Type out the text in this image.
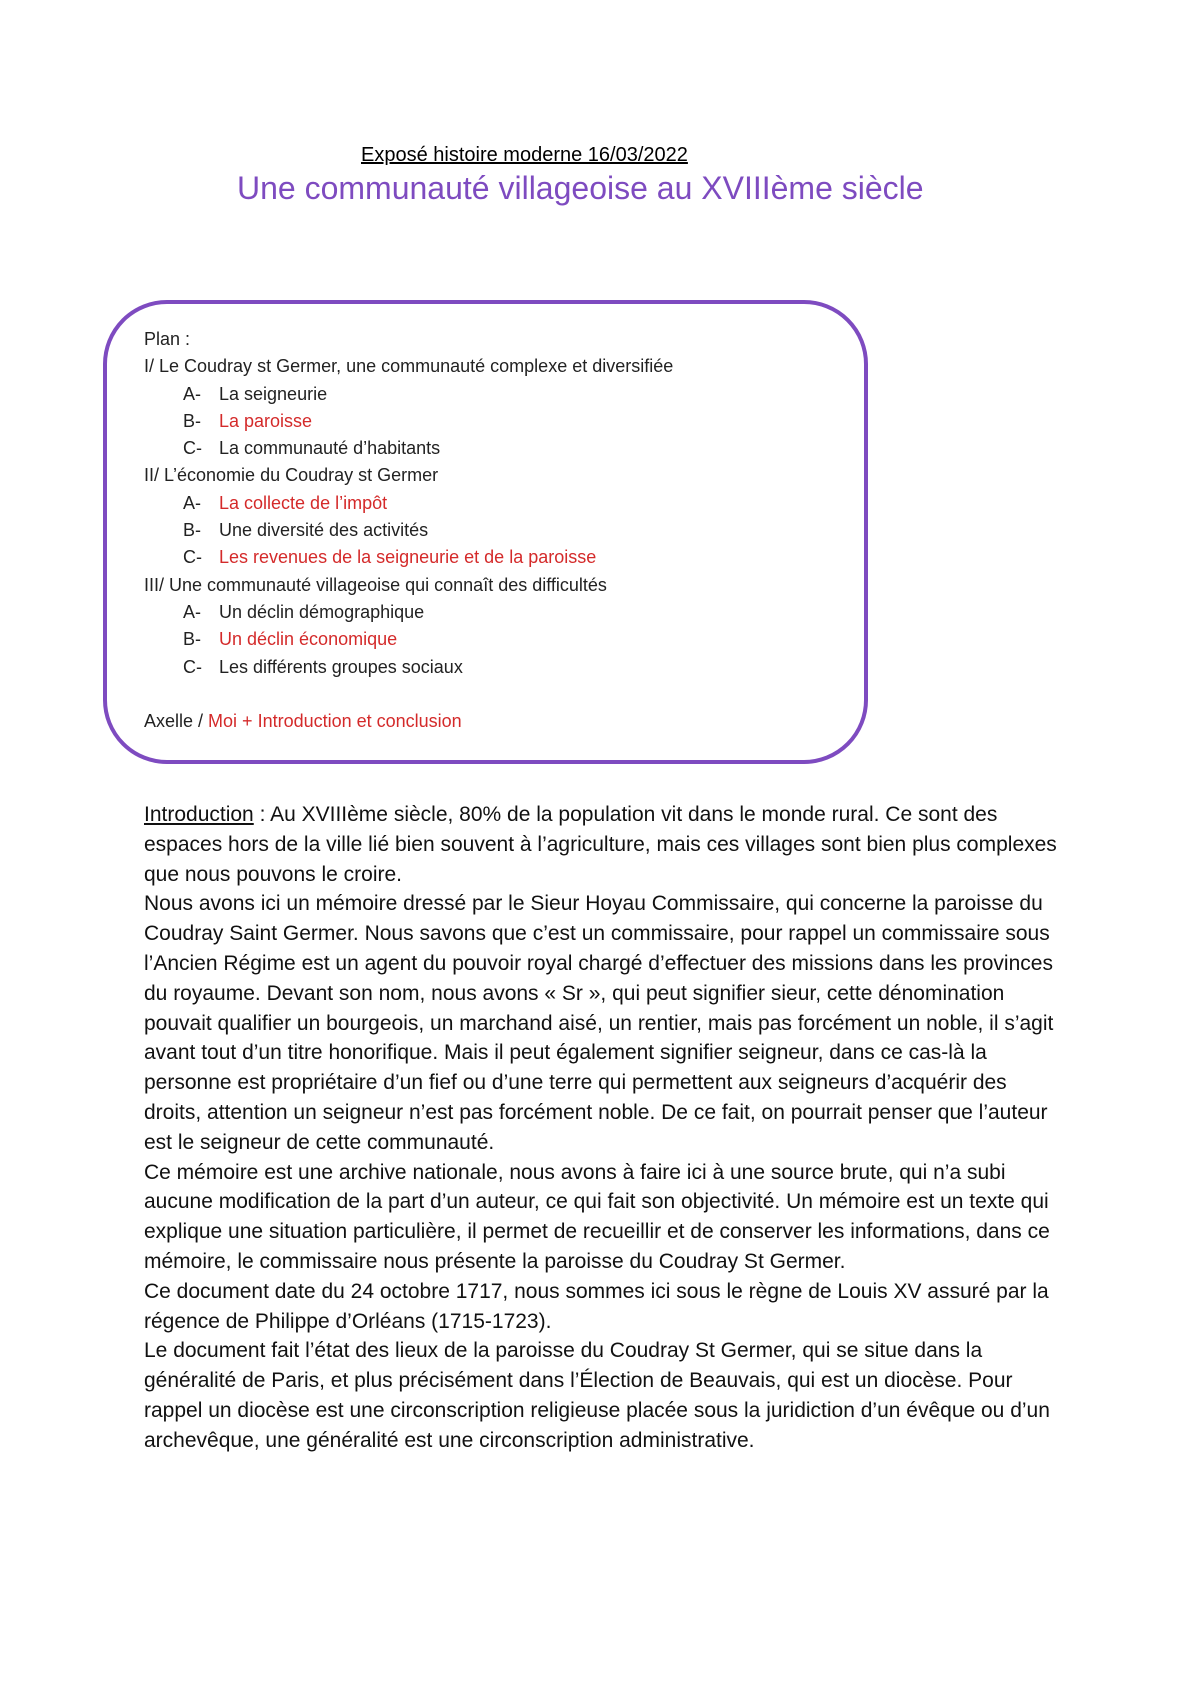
Exposé histoire moderne 16/03/2022
Une communauté villageoise au XVIIIème siècle
Plan :
I/ Le Coudray st Germer, une communauté complexe et diversifiée
A-	La seigneurie
B-	La paroisse
C- La communauté d’habitants
II/ L’économie du Coudray st Germer
A-	La collecte de l’impôt
B-	Une diversité des activités
C- Les revenues de la seigneurie et de la paroisse
III/ Une communauté villageoise qui connaît des difficultés
A-	Un déclin démographique
B-	Un déclin économique
C- Les différents groupes sociaux
Axelle / Moi + Introduction et conclusion

Introduction : Au XVIIIème siècle, 80% de la population vit dans le monde rural. Ce sont des espaces hors de la ville lié bien souvent à l’agriculture, mais ces villages sont bien plus complexes que nous pouvons le croire.

Nous avons ici un mémoire dressé par le Sieur Hoyau Commissaire, qui concerne la paroisse du Coudray Saint Germer. Nous savons que c’est un commissaire, pour rappel un commissaire sous l’Ancien Régime est un agent du pouvoir royal chargé d’effectuer des missions dans les provinces du royaume. Devant son nom, nous avons « Sr », qui peut signifier sieur, cette dénomination pouvait qualifier un bourgeois, un marchand aisé, un rentier, mais pas forcément un noble, il s’agit avant tout d’un titre honorifique. Mais il peut également signifier seigneur, dans ce cas-là la personne est propriétaire d’un fief ou d’une terre qui permettent aux seigneurs d’acquérir des droits, attention un seigneur n’est pas forcément noble. De ce fait, on pourrait penser que l’auteur est le seigneur de cette communauté.

Ce mémoire est une archive nationale, nous avons à faire ici à une source brute, qui n’a subi aucune modification de la part d’un auteur, ce qui fait son objectivité. Un mémoire est un texte qui explique une situation particulière, il permet de recueillir et de conserver les informations, dans ce mémoire, le commissaire nous présente la paroisse du Coudray St Germer.

Ce document date du 24 octobre 1717, nous sommes ici sous le règne de Louis XV assuré par la régence de Philippe d’Orléans (1715-1723).

Le document fait l’état des lieux de la paroisse du Coudray St Germer, qui se situe dans la généralité de Paris, et plus précisément dans l’Élection de Beauvais, qui est un diocèse. Pour rappel un diocèse est une circonscription religieuse placée sous la juridiction d’un évêque ou d’un archevêque, une généralité est une circonscription administrative.
